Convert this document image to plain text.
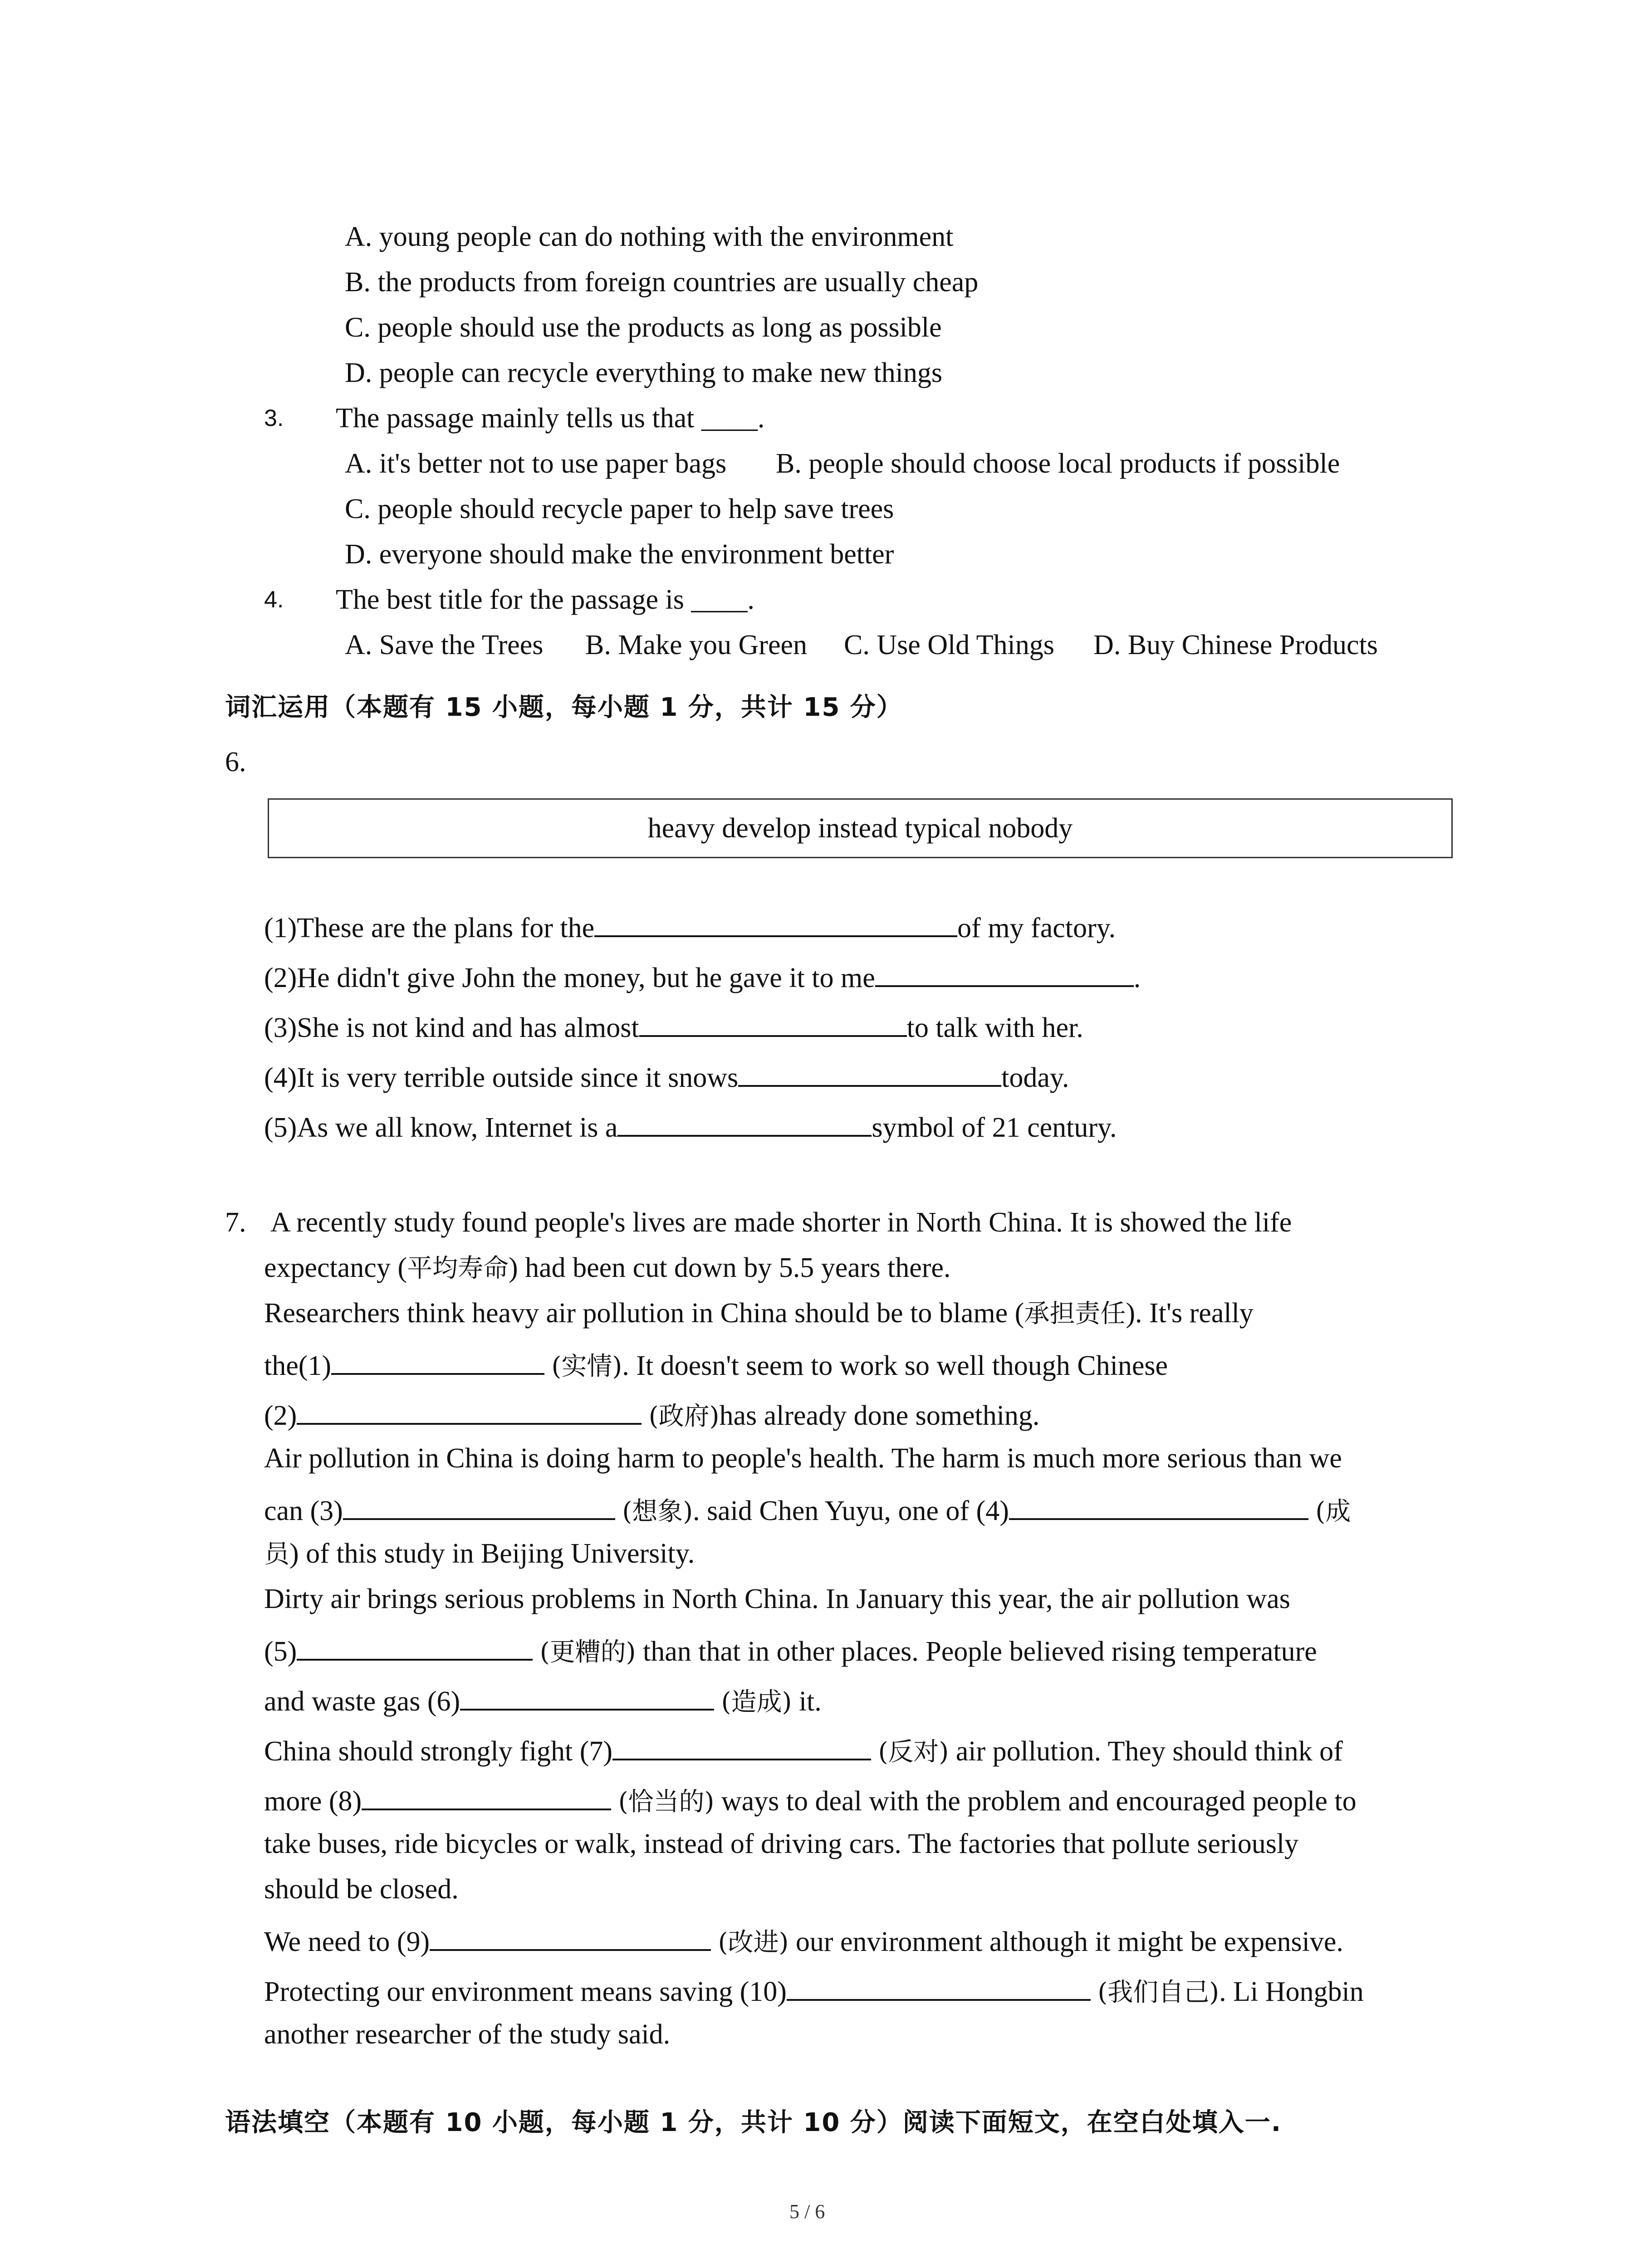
A. young people can do nothing with the environment
B. the products from foreign countries are usually cheap
C. people should use the products as long as possible
D. people can recycle everything to make new things
3. The passage mainly tells us that ____.
A. it's better not to use paper bags B. people should choose local products if possible
C. people should recycle paper to help save trees
D. everyone should make the environment better
4. The best title for the passage is ____.
A. Save the Trees B. Make you Green C. Use Old Things D. Buy Chinese Products
词汇运用（本题有 15 小题，每小题 1 分，共计 15 分）
6.
heavy develop instead typical nobody
(1)These are the plans for the	of my factory.
(2)He didn't give John the money, but he gave it to me	.
(3)She is not kind and has almost	to talk with her.
(4)It is very terrible outside since it snows	today.
(5)As we all know, Internet is a	symbol of 21 century.
7. A recently study found people's lives are made shorter in North China. It is showed the life
expectancy (平均寿命) had been cut down by 5.5 years there.
Researchers think heavy air pollution in China should be to blame (承担责任). It's really
the(1)	(实情). It doesn't seem to work so well though Chinese
(2)	(政府)has already done something.
Air pollution in China is doing harm to people's health. The harm is much more serious than we
can (3)	(想象). said Chen Yuyu, one of (4)	(成
员) of this study in Beijing University.
Dirty air brings serious problems in North China. In January this year, the air pollution was
(5)	(更糟的) than that in other places. People believed rising temperature
and waste gas (6)	(造成) it.
China should strongly fight (7)	(反对) air pollution. They should think of
more (8)	(恰当的) ways to deal with the problem and encouraged people to
take buses, ride bicycles or walk, instead of driving cars. The factories that pollute seriously
should be closed.
We need to (9)	(改进) our environment although it might be expensive.
Protecting our environment means saving (10)	(我们自己). Li Hongbin
another researcher of the study said.
语法填空（本题有 10 小题，每小题 1 分，共计 10 分）阅读下面短文，在空白处填入一.
5 / 6
